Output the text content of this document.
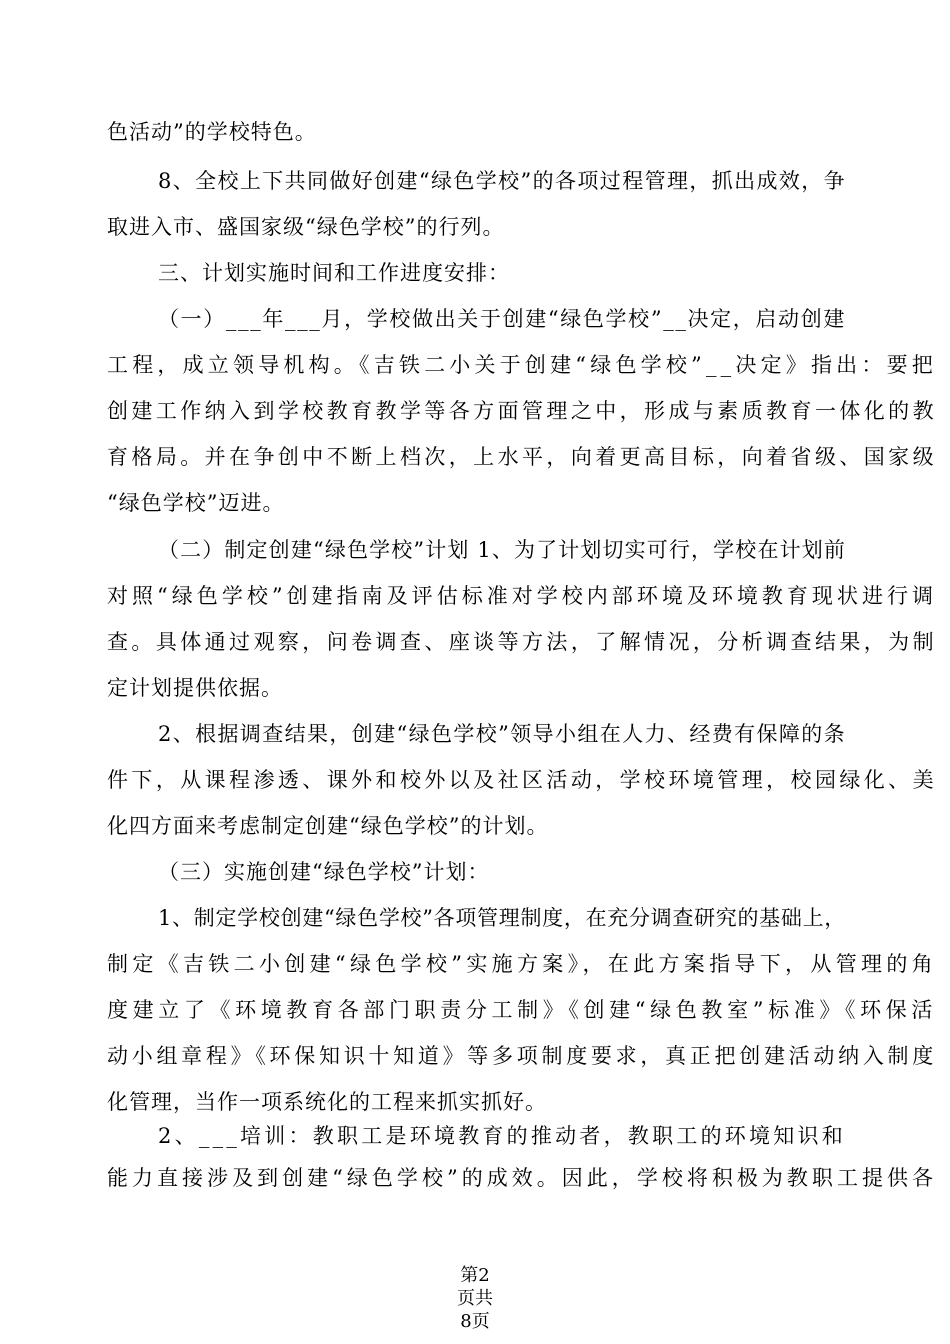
色活动”的学校特色。
8、全校上下共同做好创建“绿色学校”的各项过程管理，抓出成效，争
取进入市、盛国家级“绿色学校”的行列。
三、计划实施时间和工作进度安排：
（一）___年___月，学校做出关于创建“绿色学校”__决定，启动创建
工程，成立领导机构。《吉铁二小关于创建“绿色学校”__决定》指出：要把
创建工作纳入到学校教育教学等各方面管理之中，形成与素质教育一体化的教
育格局。并在争创中不断上档次，上水平，向着更高目标，向着省级、国家级
“绿色学校”迈进。
（二）制定创建“绿色学校”计划 1、为了计划切实可行，学校在计划前
对照“绿色学校”创建指南及评估标准对学校内部环境及环境教育现状进行调
查。具体通过观察，问卷调查、座谈等方法，了解情况，分析调查结果，为制
定计划提供依据。
2、根据调查结果，创建“绿色学校”领导小组在人力、经费有保障的条
件下，从课程渗透、课外和校外以及社区活动，学校环境管理，校园绿化、美
化四方面来考虑制定创建“绿色学校”的计划。
（三）实施创建“绿色学校”计划：
1、制定学校创建“绿色学校”各项管理制度，在充分调查研究的基础上，
制定《吉铁二小创建“绿色学校”实施方案》，在此方案指导下，从管理的角
度建立了《环境教育各部门职责分工制》《创建“绿色教室”标准》《环保活
动小组章程》《环保知识十知道》等多项制度要求，真正把创建活动纳入制度
化管理，当作一项系统化的工程来抓实抓好。
2、___培训：教职工是环境教育的推动者，教职工的环境知识和
能力直接涉及到创建“绿色学校”的成效。因此，学校将积极为教职工提供各
第2
页共
8页
